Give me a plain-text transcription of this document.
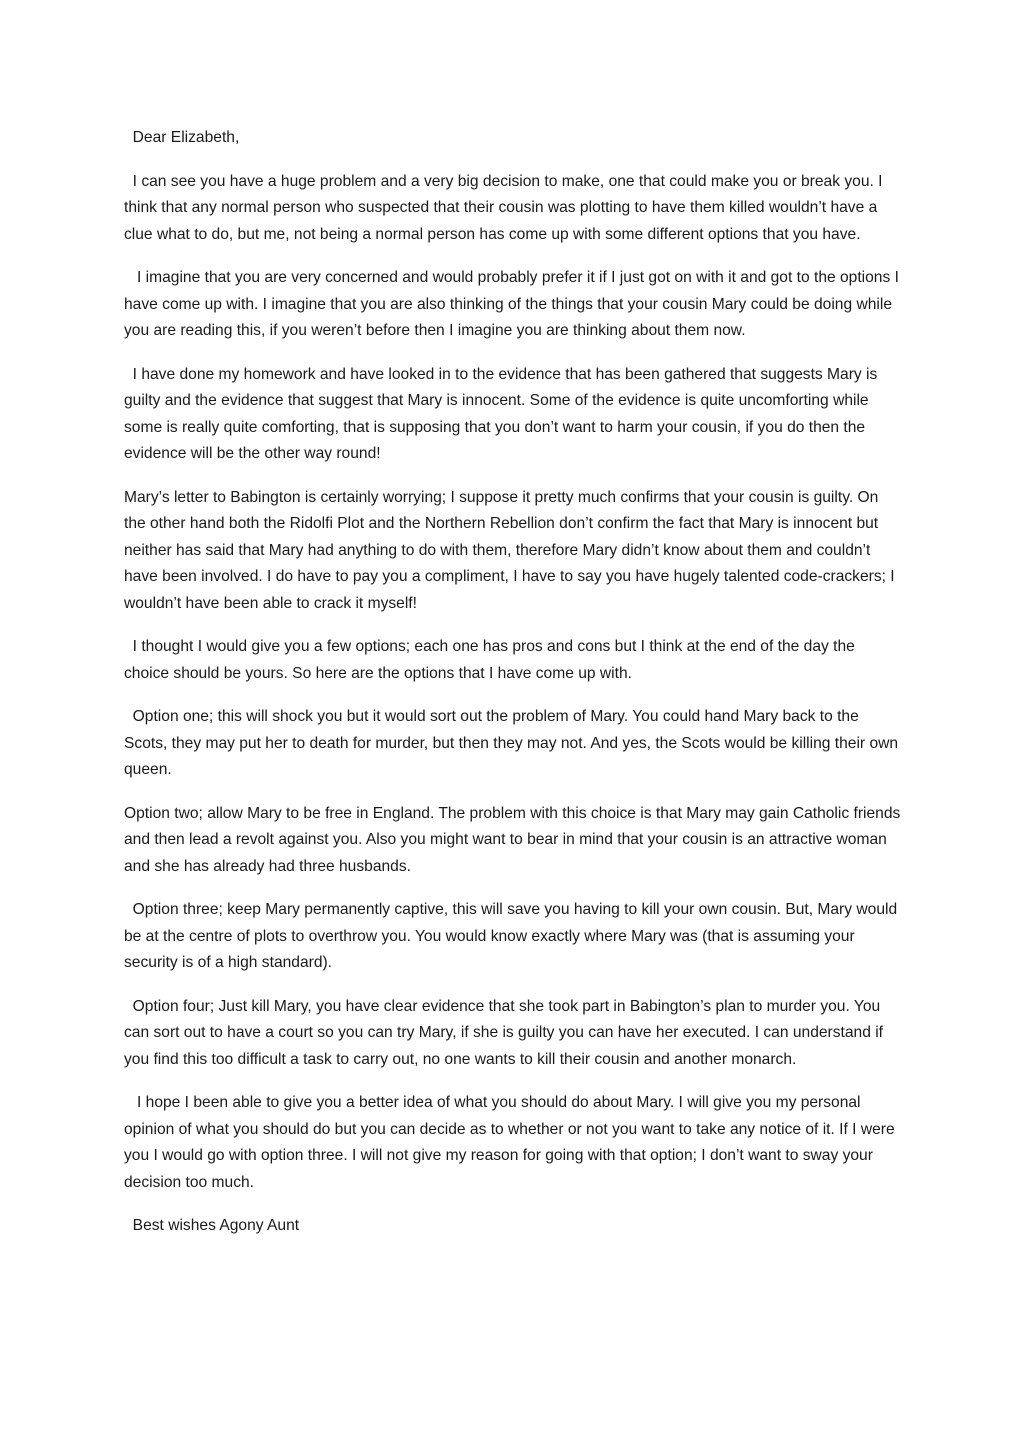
Dear Elizabeth,

I can see you have a huge problem and a very big decision to make, one that could make you or break you. I think that any normal person who suspected that their cousin was plotting to have them killed wouldn’t have a clue what to do, but me, not being a normal person has come up with some different options that you have.

I imagine that you are very concerned and would probably prefer it if I just got on with it and got to the options I have come up with. I imagine that you are also thinking of the things that your cousin Mary could be doing while you are reading this, if you weren’t before then I imagine you are thinking about them now.

I have done my homework and have looked in to the evidence that has been gathered that suggests Mary is guilty and the evidence that suggest that Mary is innocent. Some of the evidence is quite uncomforting while some is really quite comforting, that is supposing that you don’t want to harm your cousin, if you do then the evidence will be the other way round!

Mary’s letter to Babington is certainly worrying; I suppose it pretty much confirms that your cousin is guilty. On the other hand both the Ridolfi Plot and the Northern Rebellion don’t confirm the fact that Mary is innocent but neither has said that Mary had anything to do with them, therefore Mary didn’t know about them and couldn’t have been involved. I do have to pay you a compliment, I have to say you have hugely talented code-crackers; I wouldn’t have been able to crack it myself!

I thought I would give you a few options; each one has pros and cons but I think at the end of the day the choice should be yours. So here are the options that I have come up with.

Option one; this will shock you but it would sort out the problem of Mary. You could hand Mary back to the Scots, they may put her to death for murder, but then they may not. And yes, the Scots would be killing their own queen.

Option two; allow Mary to be free in England. The problem with this choice is that Mary may gain Catholic friends and then lead a revolt against you. Also you might want to bear in mind that your cousin is an attractive woman and she has already had three husbands.

Option three; keep Mary permanently captive, this will save you having to kill your own cousin. But, Mary would be at the centre of plots to overthrow you. You would know exactly where Mary was (that is assuming your security is of a high standard).

Option four; Just kill Mary, you have clear evidence that she took part in Babington’s plan to murder you. You can sort out to have a court so you can try Mary, if she is guilty you can have her executed. I can understand if you find this too difficult a task to carry out, no one wants to kill their cousin and another monarch.

I hope I been able to give you a better idea of what you should do about Mary. I will give you my personal opinion of what you should do but you can decide as to whether or not you want to take any notice of it. If I were you I would go with option three. I will not give my reason for going with that option; I don’t want to sway your decision too much.

Best wishes Agony Aunt
